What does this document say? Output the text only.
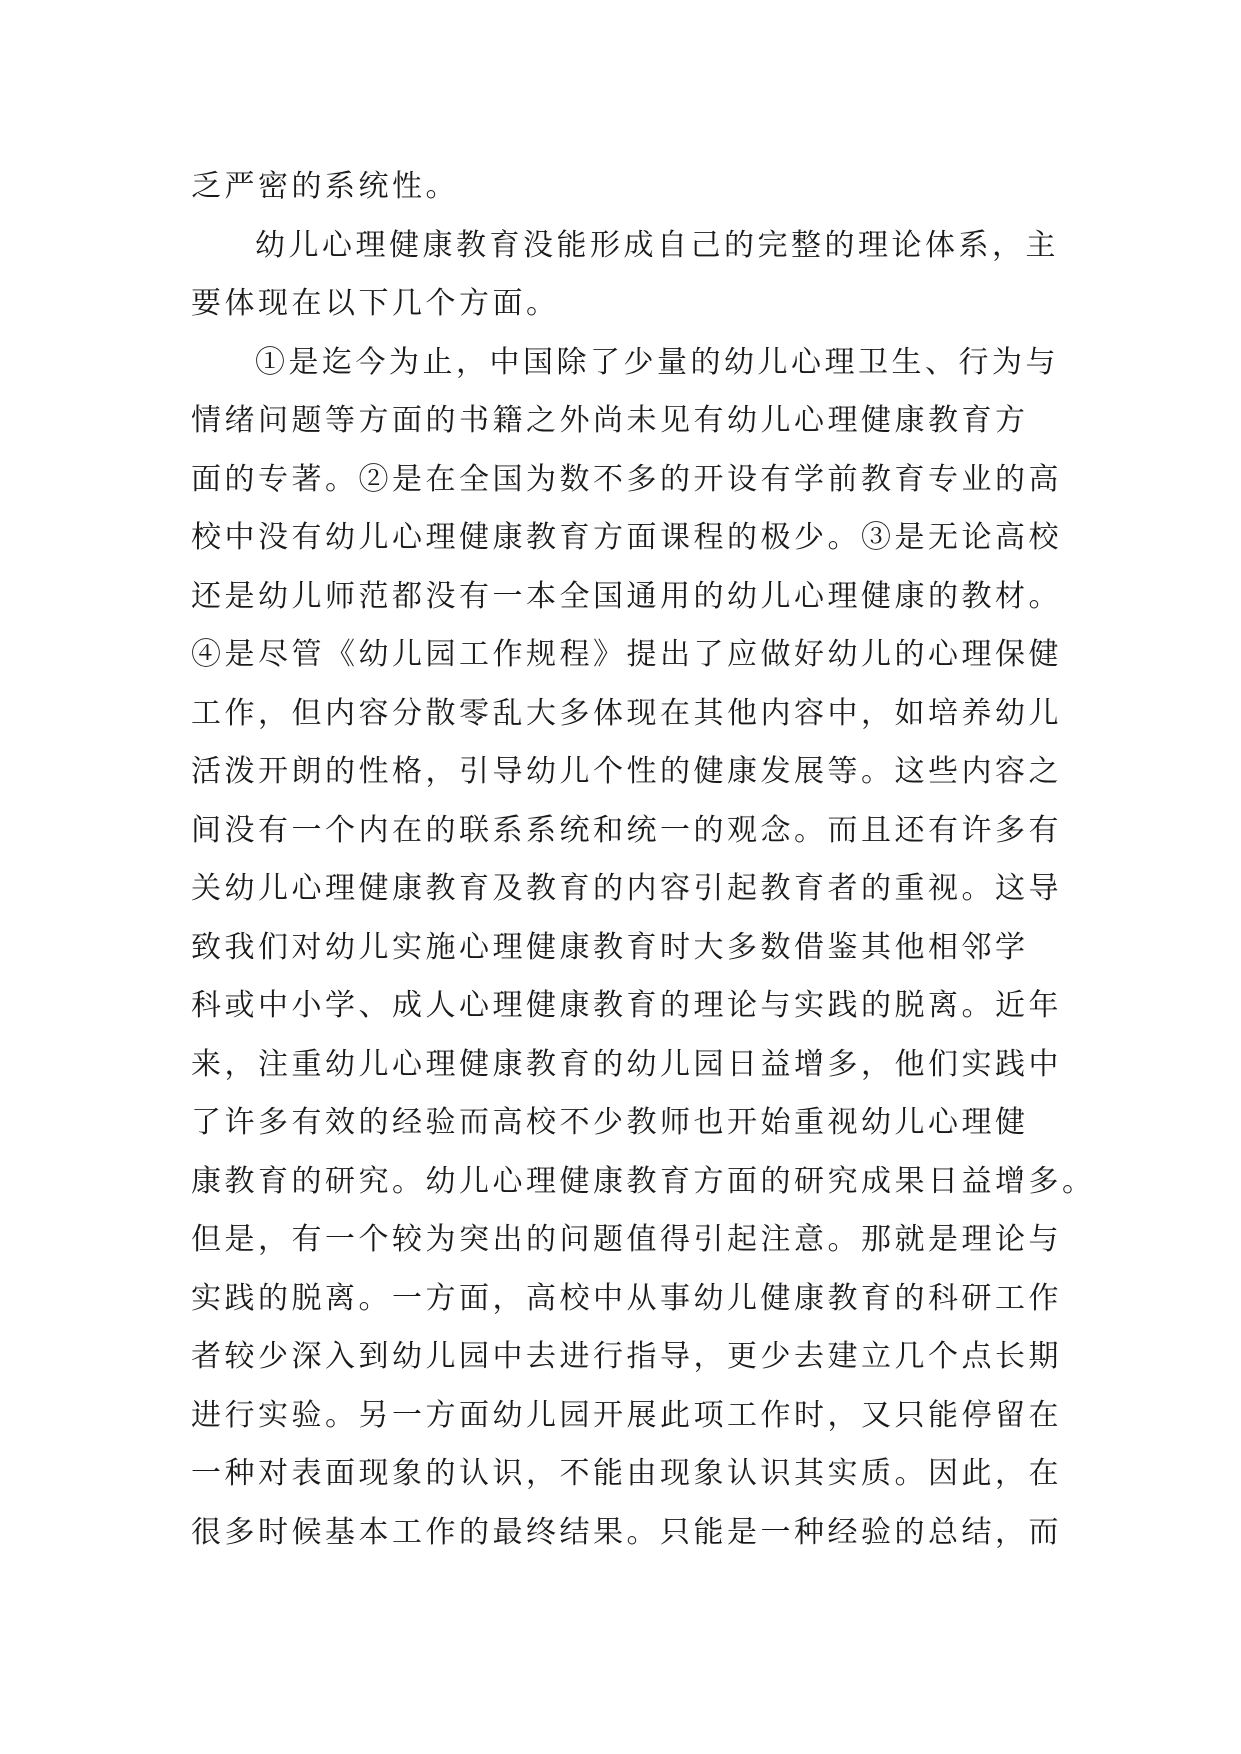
乏严密的系统性。
幼儿心理健康教育没能形成自己的完整的理论体系，主
要体现在以下几个方面。
①是迄今为止，中国除了少量的幼儿心理卫生、行为与
情绪问题等方面的书籍之外尚未见有幼儿心理健康教育方
面的专著。②是在全国为数不多的开设有学前教育专业的高
校中没有幼儿心理健康教育方面课程的极少。③是无论高校
还是幼儿师范都没有一本全国通用的幼儿心理健康的教材。
④是尽管《幼儿园工作规程》提出了应做好幼儿的心理保健
工作，但内容分散零乱大多体现在其他内容中，如培养幼儿
活泼开朗的性格，引导幼儿个性的健康发展等。这些内容之
间没有一个内在的联系系统和统一的观念。而且还有许多有
关幼儿心理健康教育及教育的内容引起教育者的重视。这导
致我们对幼儿实施心理健康教育时大多数借鉴其他相邻学
科或中小学、成人心理健康教育的理论与实践的脱离。近年
来，注重幼儿心理健康教育的幼儿园日益增多，他们实践中
了许多有效的经验而高校不少教师也开始重视幼儿心理健
康教育的研究。幼儿心理健康教育方面的研究成果日益增多。
但是，有一个较为突出的问题值得引起注意。那就是理论与
实践的脱离。一方面，高校中从事幼儿健康教育的科研工作
者较少深入到幼儿园中去进行指导，更少去建立几个点长期
进行实验。另一方面幼儿园开展此项工作时，又只能停留在
一种对表面现象的认识，不能由现象认识其实质。因此，在
很多时候基本工作的最终结果。只能是一种经验的总结，而
